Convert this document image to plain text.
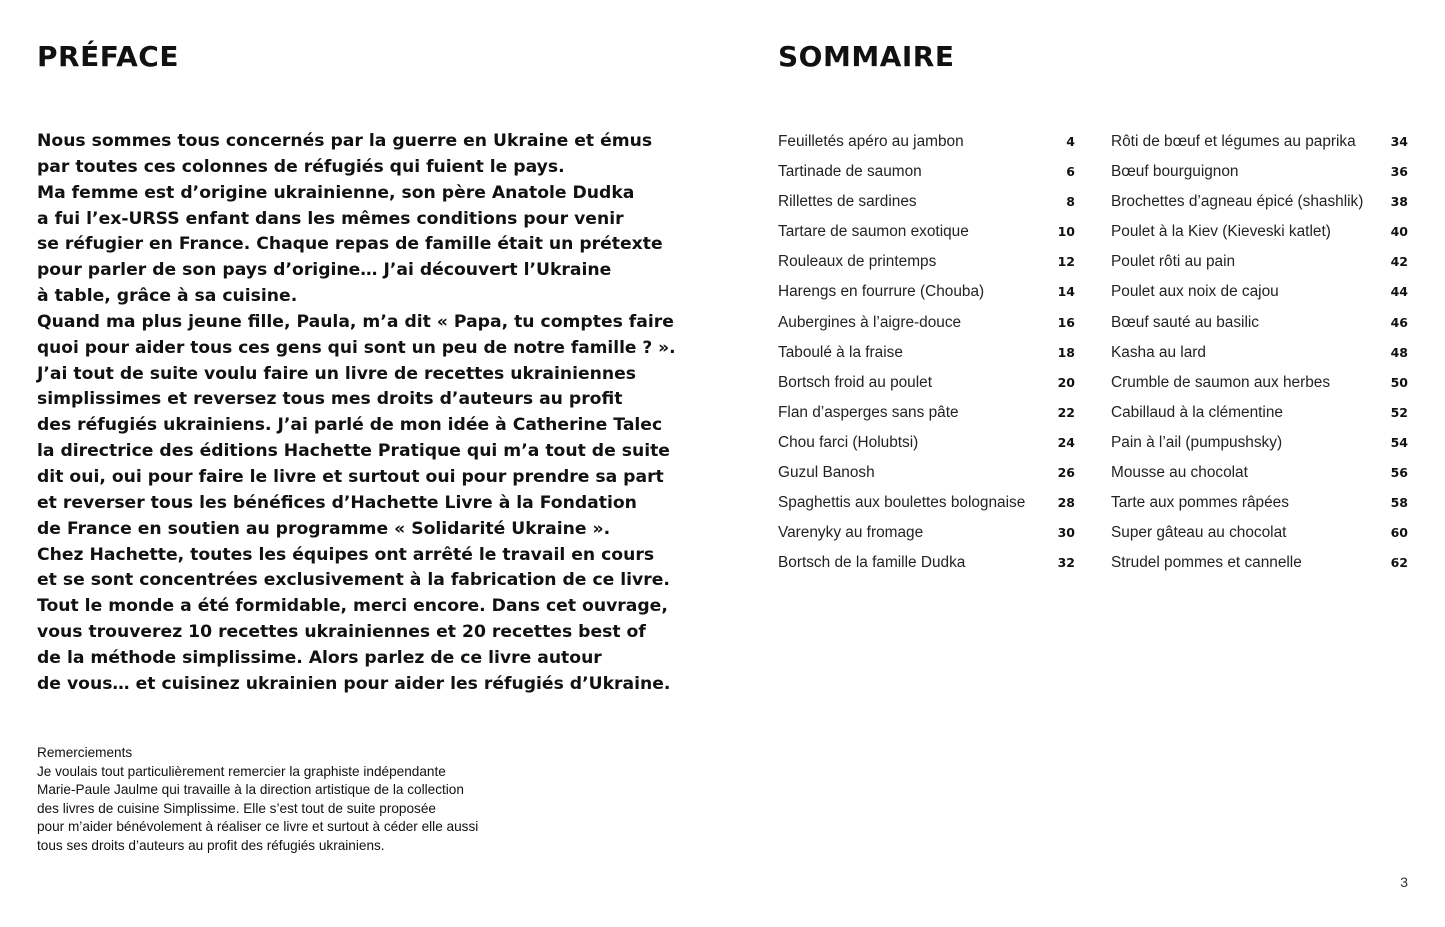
PRÉFACE
Nous sommes tous concernés par la guerre en Ukraine et émus
par toutes ces colonnes de réfugiés qui fuient le pays.
Ma femme est d’origine ukrainienne, son père Anatole Dudka
a fui l’ex-URSS enfant dans les mêmes conditions pour venir
se réfugier en France. Chaque repas de famille était un prétexte
pour parler de son pays d’origine… J’ai découvert l’Ukraine
à table, grâce à sa cuisine.
Quand ma plus jeune fille, Paula, m’a dit « Papa, tu comptes faire
quoi pour aider tous ces gens qui sont un peu de notre famille ? ».
J’ai tout de suite voulu faire un livre de recettes ukrainiennes
simplissimes et reversez tous mes droits d’auteurs au profit
des réfugiés ukrainiens. J’ai parlé de mon idée à Catherine Talec
la directrice des éditions Hachette Pratique qui m’a tout de suite
dit oui, oui pour faire le livre et surtout oui pour prendre sa part
et reverser tous les bénéfices d’Hachette Livre à la Fondation
de France en soutien au programme « Solidarité Ukraine ».
Chez Hachette, toutes les équipes ont arrêté le travail en cours
et se sont concentrées exclusivement à la fabrication de ce livre.
Tout le monde a été formidable, merci encore. Dans cet ouvrage,
vous trouverez 10 recettes ukrainiennes et 20 recettes best of
de la méthode simplissime. Alors parlez de ce livre autour
de vous… et cuisinez ukrainien pour aider les réfugiés d’Ukraine.
Remerciements
Je voulais tout particulièrement remercier la graphiste indépendante
Marie-Paule Jaulme qui travaille à la direction artistique de la collection
des livres de cuisine Simplissime. Elle s’est tout de suite proposée
pour m’aider bénévolement à réaliser ce livre et surtout à céder elle aussi
tous ses droits d’auteurs au profit des réfugiés ukrainiens.
SOMMAIRE
Feuilletés apéro au jambon	4
Tartinade de saumon	6
Rillettes de sardines	8
Tartare de saumon exotique	10
Rouleaux de printemps	12
Harengs en fourrure (Chouba)	14
Aubergines à l’aigre-douce	16
Taboulé à la fraise	18
Bortsch froid au poulet	20
Flan d’asperges sans pâte	22
Chou farci (Holubtsi)	24
Guzul Banosh	26
Spaghettis aux boulettes bolognaise	28
Varenyky au fromage	30
Bortsch de la famille Dudka	32
Rôti de bœuf et légumes au paprika	34
Bœuf bourguignon	36
Brochettes d’agneau épicé (shashlik) 38
Poulet à la Kiev (Kieveski katlet)	40
Poulet rôti au pain	42
Poulet aux noix de cajou	44
Bœuf sauté au basilic	46
Kasha au lard	48
Crumble de saumon aux herbes	50
Cabillaud à la clémentine	52
Pain à l’ail (pumpushsky)	54
Mousse au chocolat	56
Tarte aux pommes râpées	58
Super gâteau au chocolat	60
Strudel pommes et cannelle	62
3
